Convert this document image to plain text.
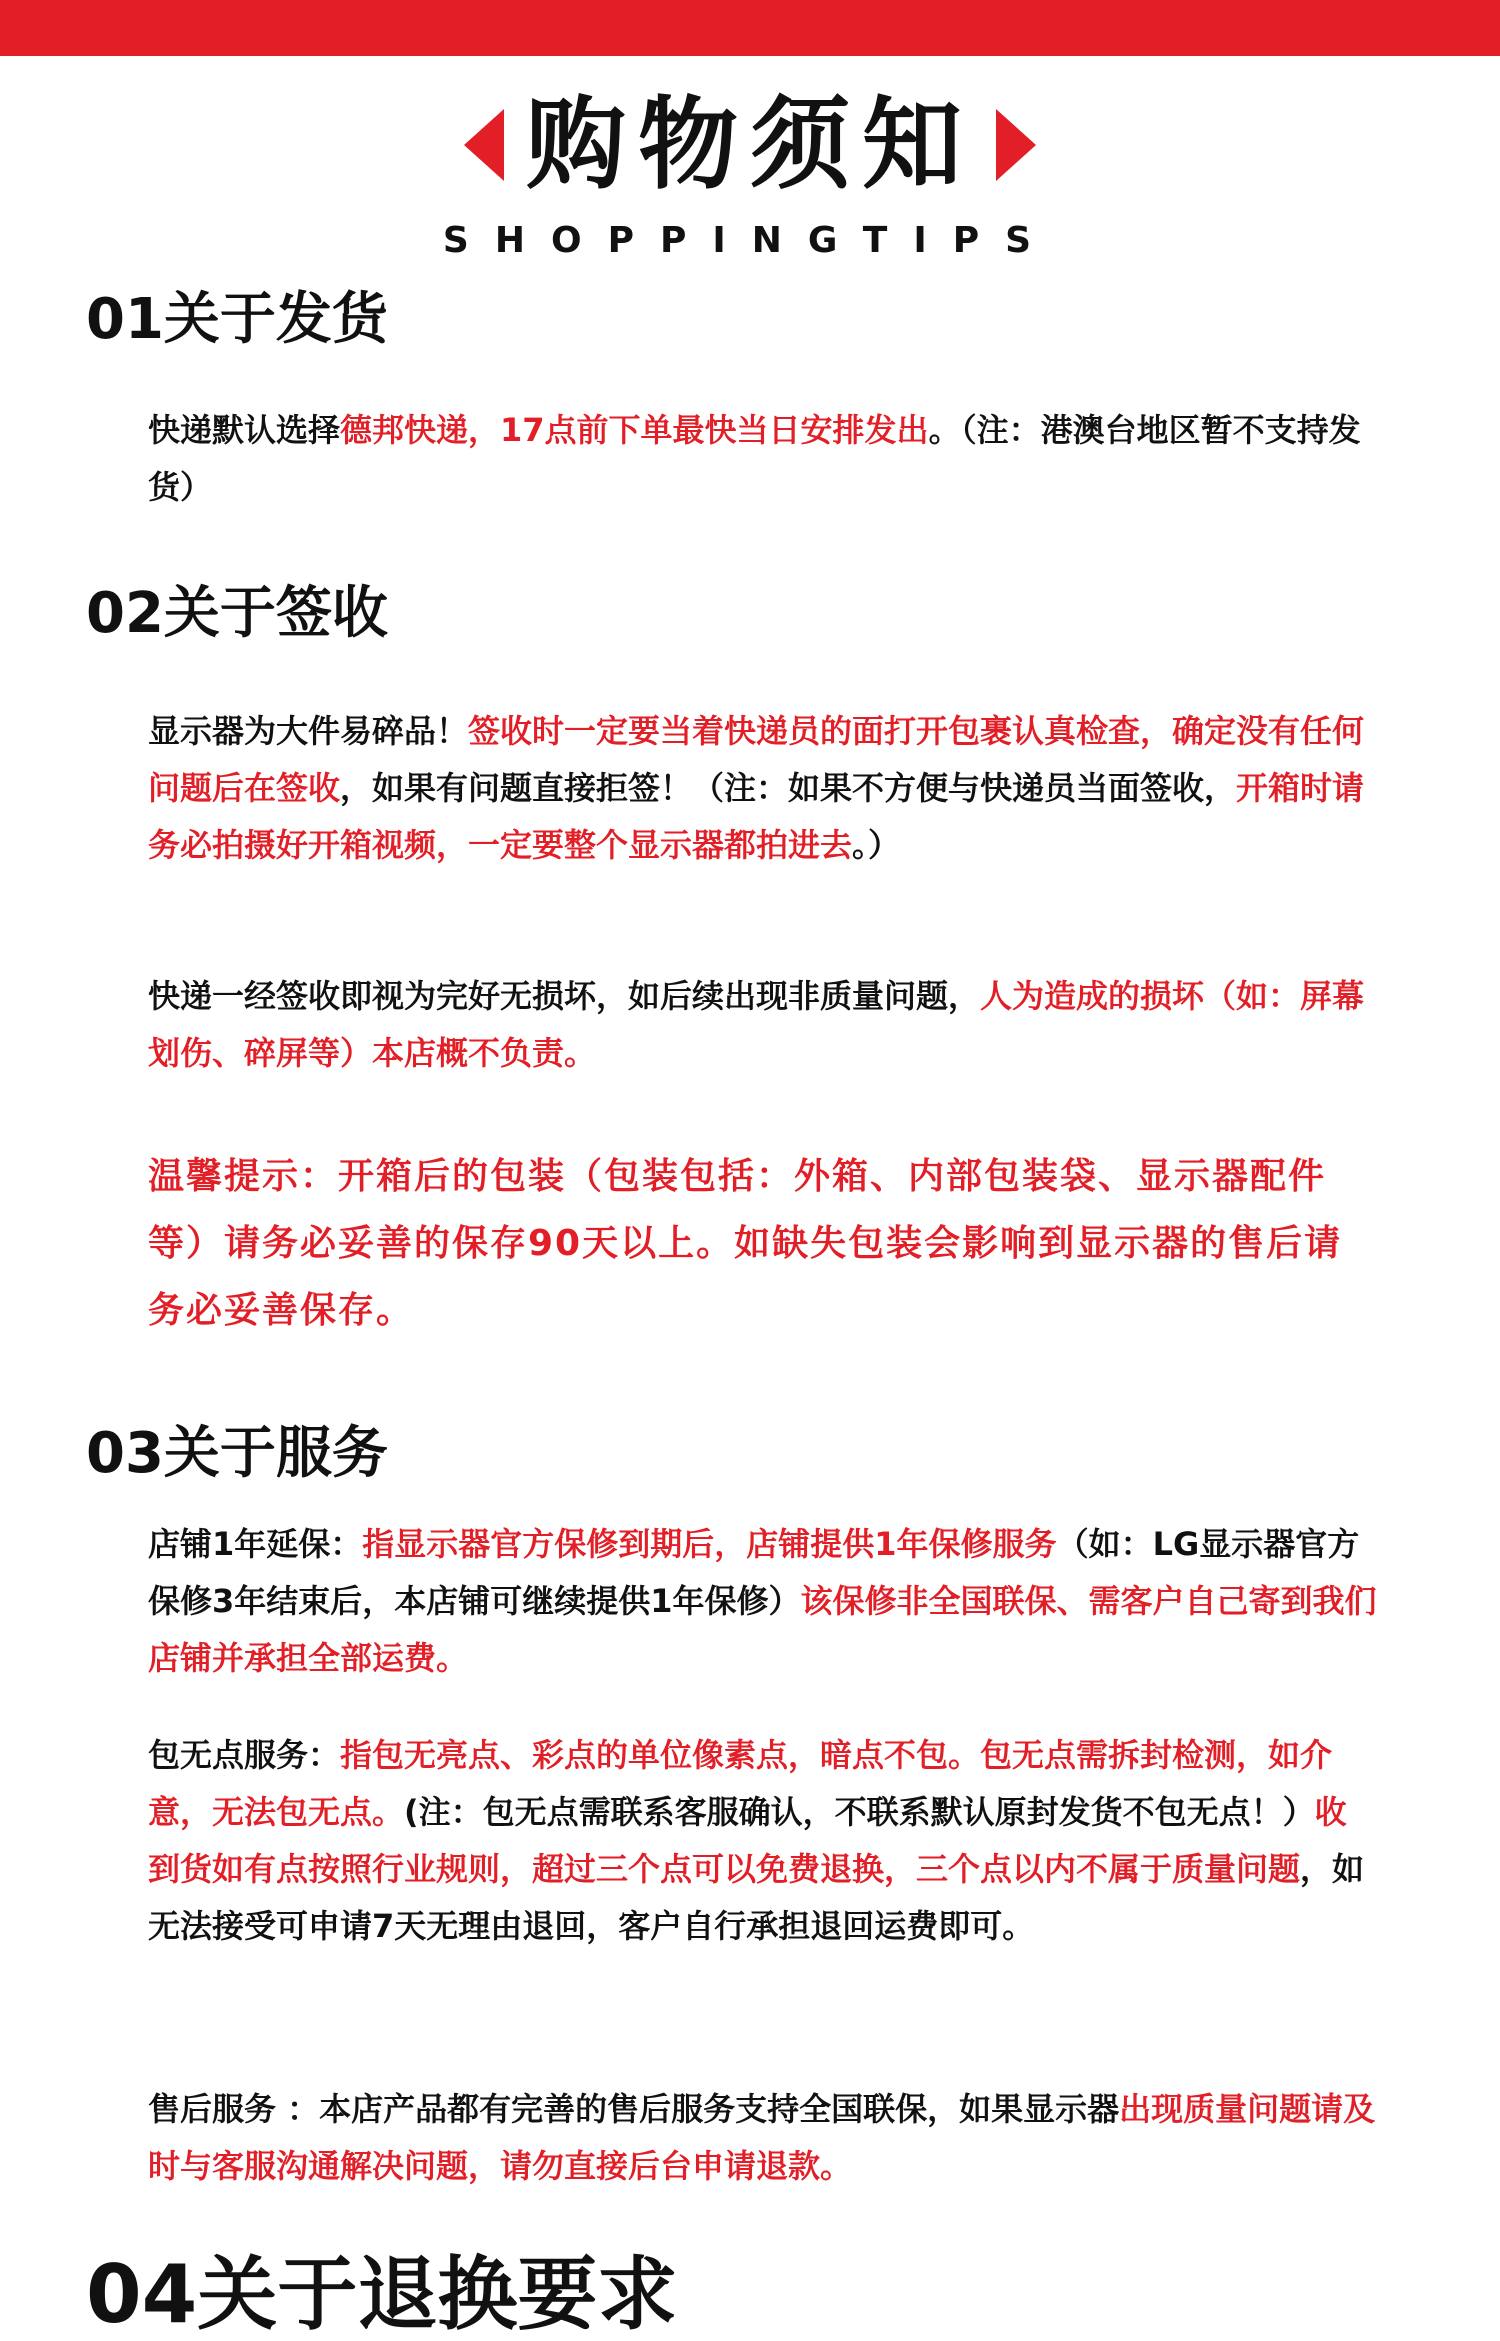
购物须知
SHOPPINGTIPS
01关于发货
快递默认选择德邦快递，17点前下单最快当日安排发出。（注：港澳台地区暂不支持发货）
02关于签收
显示器为大件易碎品！签收时一定要当着快递员的面打开包裹认真检查，确定没有任何问题后在签收，如果有问题直接拒签！（注：如果不方便与快递员当面签收，开箱时请务必拍摄好开箱视频，一定要整个显示器都拍进去。）
快递一经签收即视为完好无损坏，如后续出现非质量问题，人为造成的损坏（如：屏幕划伤、碎屏等）本店概不负责。
温馨提示：开箱后的包装（包装包括：外箱、内部包装袋、显示器配件等）请务必妥善的保存90天以上。如缺失包装会影响到显示器的售后请务必妥善保存。
03关于服务
店铺1年延保：指显示器官方保修到期后，店铺提供1年保修服务（如：LG显示器官方保修3年结束后，本店铺可继续提供1年保修）该保修非全国联保、需客户自己寄到我们店铺并承担全部运费。
包无点服务：指包无亮点、彩点的单位像素点，暗点不包。包无点需拆封检测，如介意，无法包无点。(注：包无点需联系客服确认，不联系默认原封发货不包无点！）收到货如有点按照行业规则，超过三个点可以免费退换，三个点以内不属于质量问题，如无法接受可申请7天无理由退回，客户自行承担退回运费即可。
售后服务 ：本店产品都有完善的售后服务支持全国联保，如果显示器出现质量问题请及时与客服沟通解决问题，请勿直接后台申请退款。
04关于退换要求
